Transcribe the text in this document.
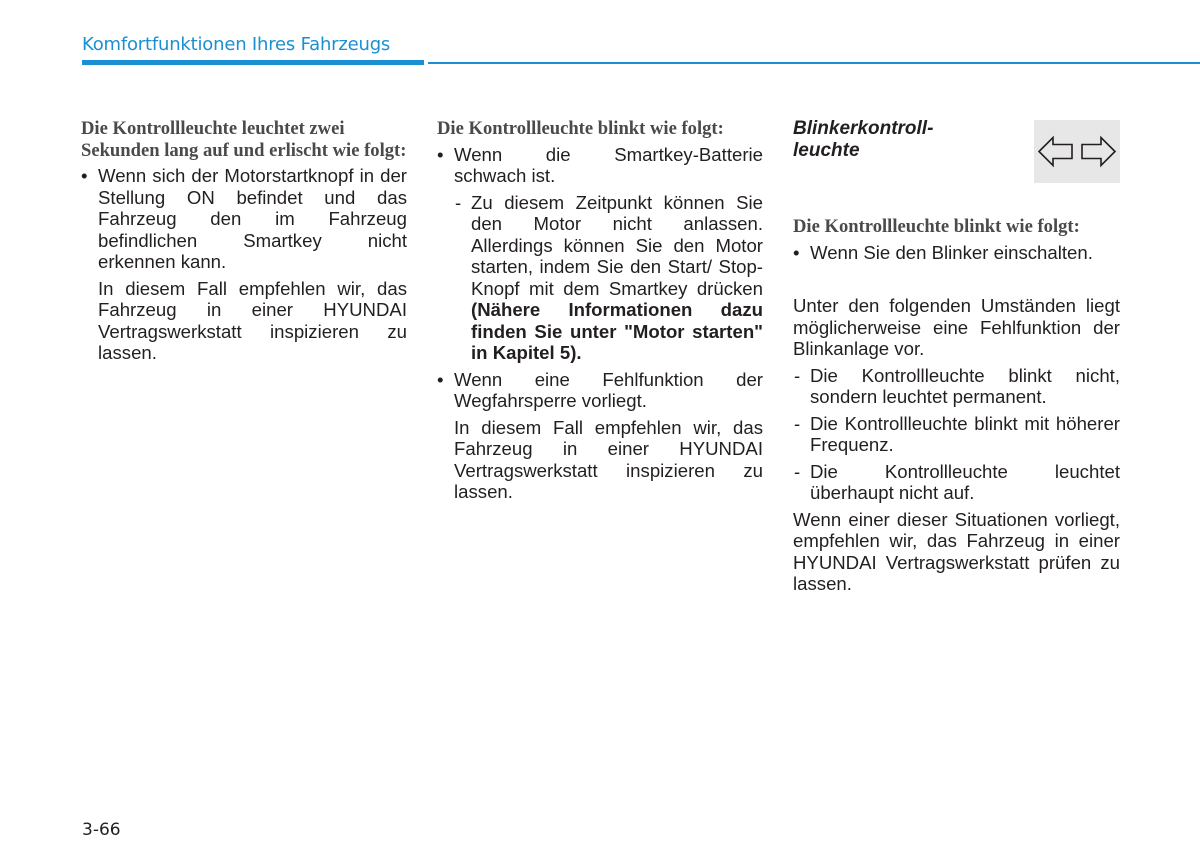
Komfortfunktionen Ihres Fahrzeugs

Die Kontrollleuchte leuchtet zwei Sekunden lang auf und erlischt wie folgt:

• Wenn sich der Motorstartknopf in der Stellung ON befindet und das Fahrzeug den im Fahrzeug befindlichen Smartkey nicht erkennen kann.

In diesem Fall empfehlen wir, das Fahrzeug in einer HYUNDAI Vertragswerkstatt inspizieren zu lassen.

Die Kontrollleuchte blinkt wie folgt:

• Wenn die Smartkey-Batterie schwach ist.

- Zu diesem Zeitpunkt können Sie den Motor nicht anlassen. Allerdings können Sie den Motor starten, indem Sie den Start/ Stop-Knopf mit dem Smartkey drücken (Nähere Informationen dazu finden Sie unter "Motor starten" in Kapitel 5).

• Wenn eine Fehlfunktion der Wegfahrsperre vorliegt.

In diesem Fall empfehlen wir, das Fahrzeug in einer HYUNDAI Vertragswerkstatt inspizieren zu lassen.

Blinkerkontroll-
leuchte

Die Kontrollleuchte blinkt wie folgt:

• Wenn Sie den Blinker einschalten.

Unter den folgenden Umständen liegt möglicherweise eine Fehlfunktion der Blinkanlage vor.

- Die Kontrollleuchte blinkt nicht, sondern leuchtet permanent.

- Die Kontrollleuchte blinkt mit höherer Frequenz.

- Die Kontrollleuchte leuchtet überhaupt nicht auf.

Wenn einer dieser Situationen vorliegt, empfehlen wir, das Fahrzeug in einer HYUNDAI Vertragswerkstatt prüfen zu lassen.

3-66
